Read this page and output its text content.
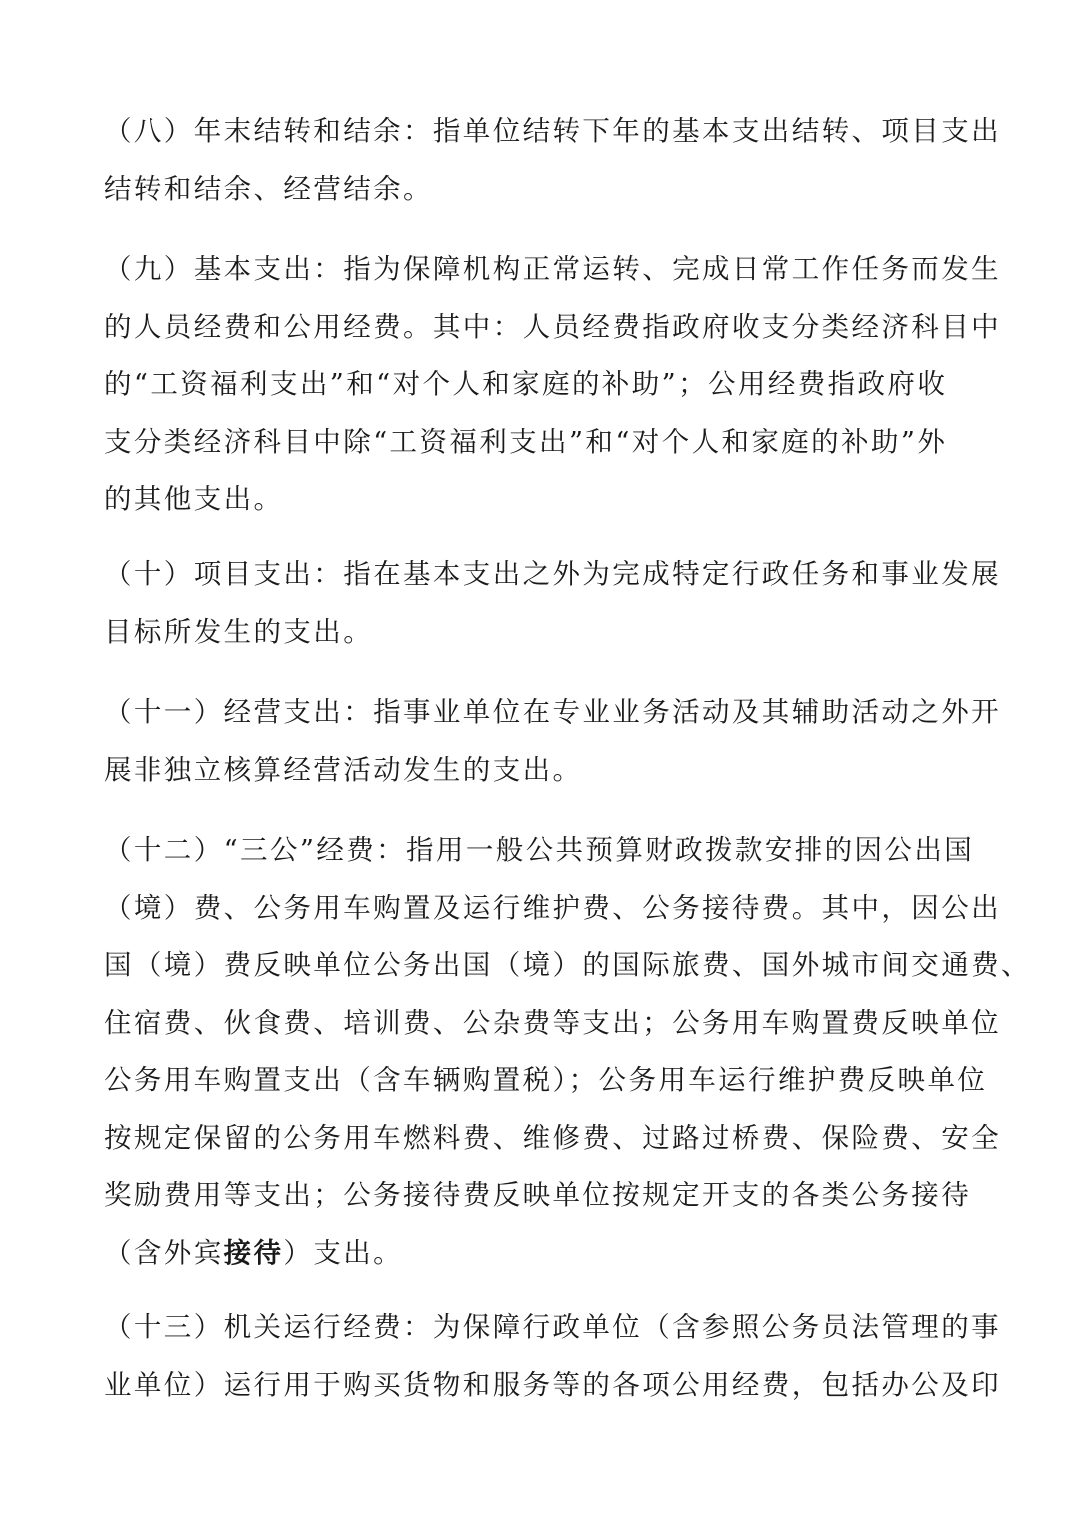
（八）年末结转和结余：指单位结转下年的基本支出结转、项目支出
结转和结余、经营结余。
（九）基本支出：指为保障机构正常运转、完成日常工作任务而发生
的人员经费和公用经费。其中：人员经费指政府收支分类经济科目中
的“工资福利支出”和“对个人和家庭的补助”；公用经费指政府收
支分类经济科目中除“工资福利支出”和“对个人和家庭的补助”外
的其他支出。
（十）项目支出：指在基本支出之外为完成特定行政任务和事业发展
目标所发生的支出。
（十一）经营支出：指事业单位在专业业务活动及其辅助活动之外开
展非独立核算经营活动发生的支出。
（十二）“三公”经费：指用一般公共预算财政拨款安排的因公出国
（境）费、公务用车购置及运行维护费、公务接待费。其中，因公出
国（境）费反映单位公务出国（境）的国际旅费、国外城市间交通费、
住宿费、伙食费、培训费、公杂费等支出；公务用车购置费反映单位
公务用车购置支出（含车辆购置税）；公务用车运行维护费反映单位
按规定保留的公务用车燃料费、维修费、过路过桥费、保险费、安全
奖励费用等支出；公务接待费反映单位按规定开支的各类公务接待
（含外宾接待）支出。
（十三）机关运行经费：为保障行政单位（含参照公务员法管理的事
业单位）运行用于购买货物和服务等的各项公用经费，包括办公及印
